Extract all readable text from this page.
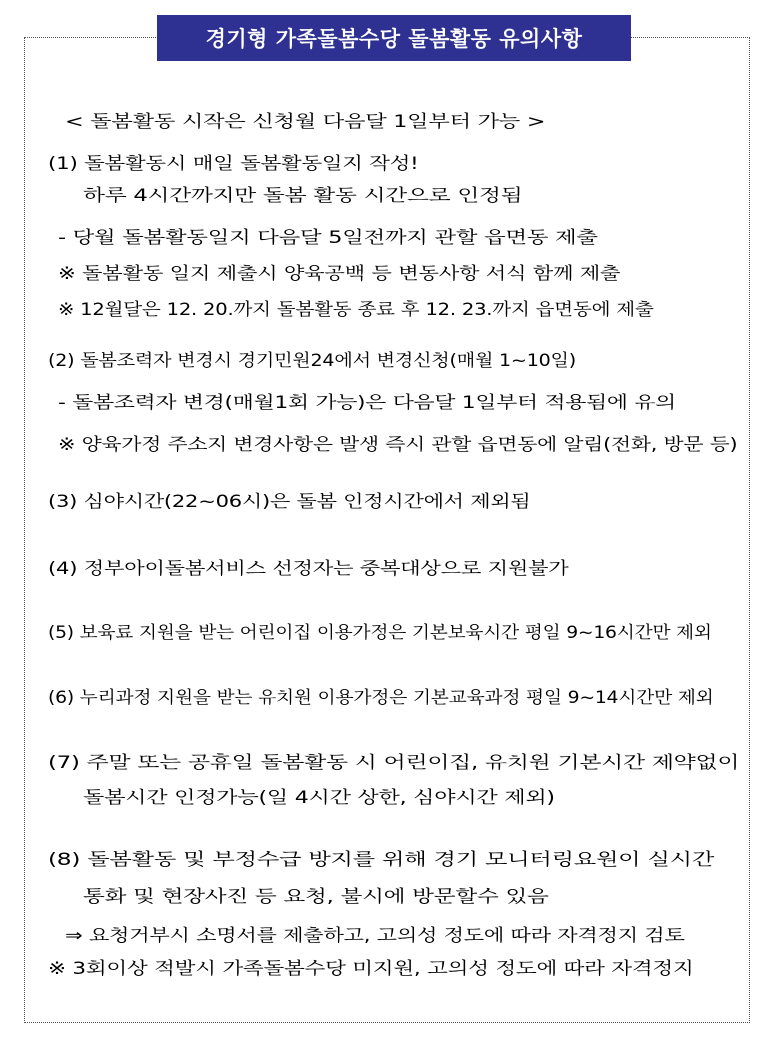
경기형 가족돌봄수당 돌봄활동 유의사항
< 돌봄활동 시작은 신청월 다음달 1일부터 가능 >
(1) 돌봄활동시 매일 돌봄활동일지 작성!
하루 4시간까지만 돌봄 활동 시간으로 인정됨
- 당월 돌봄활동일지 다음달 5일전까지 관할 읍면동 제출
※ 돌봄활동 일지 제출시 양육공백 등 변동사항 서식 함께 제출
※ 12월달은 12. 20.까지 돌봄활동 종료 후 12. 23.까지 읍면동에 제출
(2) 돌봄조력자 변경시 경기민원24에서 변경신청(매월 1~10일)
- 돌봄조력자 변경(매월1회 가능)은 다음달 1일부터 적용됨에 유의
※ 양육가정 주소지 변경사항은 발생 즉시 관할 읍면동에 알림(전화, 방문 등)
(3) 심야시간(22~06시)은 돌봄 인정시간에서 제외됨
(4) 정부아이돌봄서비스 선정자는 중복대상으로 지원불가
(5) 보육료 지원을 받는 어린이집 이용가정은 기본보육시간 평일 9~16시간만 제외
(6) 누리과정 지원을 받는 유치원 이용가정은 기본교육과정 평일 9~14시간만 제외
(7) 주말 또는 공휴일 돌봄활동 시 어린이집, 유치원 기본시간 제약없이
돌봄시간 인정가능(일 4시간 상한, 심야시간 제외)
(8) 돌봄활동 및 부정수급 방지를 위해 경기 모니터링요원이 실시간
통화 및 현장사진 등 요청, 불시에 방문할수 있음
⇒ 요청거부시 소명서를 제출하고, 고의성 정도에 따라 자격정지 검토
※ 3회이상 적발시 가족돌봄수당 미지원, 고의성 정도에 따라 자격정지
